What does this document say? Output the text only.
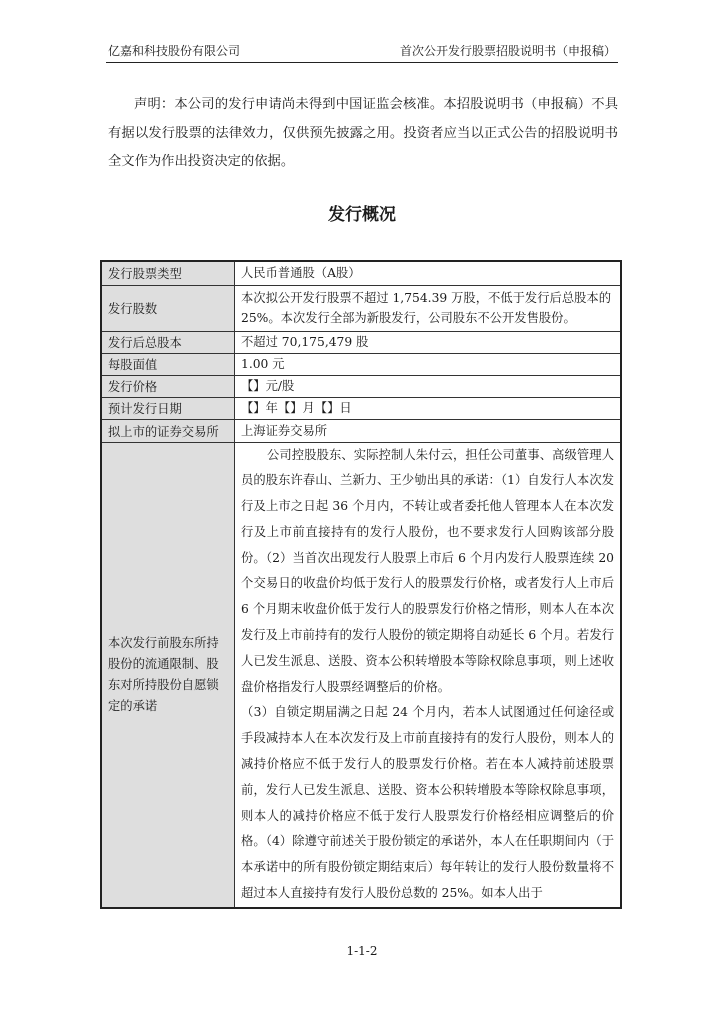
亿嘉和科技股份有限公司	首次公开发行股票招股说明书（申报稿）
声明：本公司的发行申请尚未得到中国证监会核准。本招股说明书（申报稿）不具有据以发行股票的法律效力，仅供预先披露之用。投资者应当以正式公告的招股说明书全文作为作出投资决定的依据。
发行概况
发行股票类型	人民币普通股（A股）
发行股数	本次拟公开发行股票不超过 1,754.39 万股，不低于发行后总股本的25%。本次发行全部为新股发行，公司股东不公开发售股份。
发行后总股本	不超过 70,175,479 股
每股面值	1.00 元
发行价格	【】元/股
预计发行日期	【】年【】月【】日
拟上市的证券交易所	上海证券交易所
本次发行前股东所持股份的流通限制、股东对所持股份自愿锁定的承诺	公司控股股东、实际控制人朱付云，担任公司董事、高级管理人员的股东许春山、兰新力、王少劬出具的承诺：（1）自发行人本次发行及上市之日起 36 个月内，不转让或者委托他人管理本人在本次发行及上市前直接持有的发行人股份，也不要求发行人回购该部分股份。（2）当首次出现发行人股票上市后 6 个月内发行人股票连续 20 个交易日的收盘价均低于发行人的股票发行价格，或者发行人上市后 6 个月期末收盘价低于发行人的股票发行价格之情形，则本人在本次发行及上市前持有的发行人股份的锁定期将自动延长 6 个月。若发行人已发生派息、送股、资本公积转增股本等除权除息事项，则上述收盘价格指发行人股票经调整后的价格。
（3）自锁定期届满之日起 24 个月内，若本人试图通过任何途径或手段减持本人在本次发行及上市前直接持有的发行人股份，则本人的减持价格应不低于发行人的股票发行价格。若在本人减持前述股票前，发行人已发生派息、送股、资本公积转增股本等除权除息事项，则本人的减持价格应不低于发行人股票发行价格经相应调整后的价格。（4）除遵守前述关于股份锁定的承诺外，本人在任职期间内（于本承诺中的所有股份锁定期结束后）每年转让的发行人股份数量将不超过本人直接持有发行人股份总数的 25%。如本人出于
1-1-2
